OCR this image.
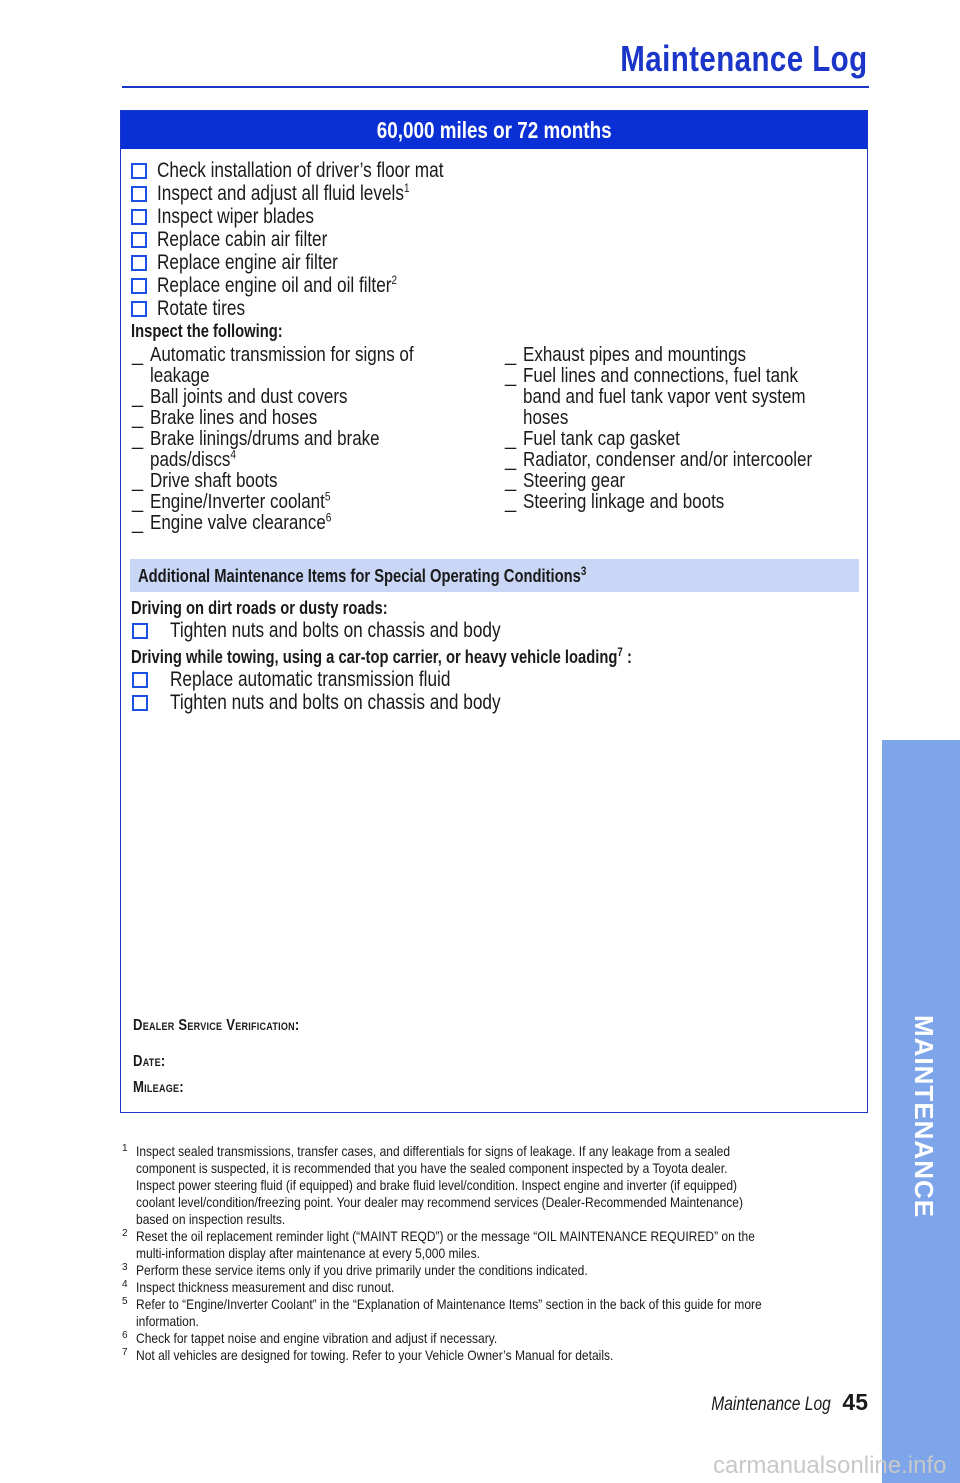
Maintenance Log
60,000 miles or 72 months
Check installation of driver’s floor mat
Inspect and adjust all fluid levels$^1$
Inspect wiper blades
Replace cabin air filter
Replace engine air filter
Replace engine oil and oil filter$^2$
Rotate tires
Inspect the following:
_ Automatic transmission for signs of leakage
_ Ball joints and dust covers
_ Brake lines and hoses
_ Brake linings/drums and brake pads/discs$^4$
_ Drive shaft boots
_ Engine/Inverter coolant$^5$
_ Engine valve clearance$^6$
_ Exhaust pipes and mountings
_ Fuel lines and connections, fuel tank band and fuel tank vapor vent system hoses
_ Fuel tank cap gasket
_ Radiator, condenser and/or intercooler
_ Steering gear
_ Steering linkage and boots
Additional Maintenance Items for Special Operating Conditions$^3$
Driving on dirt roads or dusty roads:
Tighten nuts and bolts on chassis and body
Driving while towing, using a car-top carrier, or heavy vehicle loading$^7$ :
Replace automatic transmission fluid
Tighten nuts and bolts on chassis and body
Dealer Service Verification:
Date:
Mileage:
1 Inspect sealed transmissions, transfer cases, and differentials for signs of leakage. If any leakage from a sealed component is suspected, it is recommended that you have the sealed component inspected by a Toyota dealer. Inspect power steering fluid (if equipped) and brake fluid level/condition. Inspect engine and inverter (if equipped) coolant level/condition/freezing point. Your dealer may recommend services (Dealer-Recommended Maintenance) based on inspection results.
2 Reset the oil replacement reminder light (“MAINT REQD”) or the message “OIL MAINTENANCE REQUIRED” on the multi-information display after maintenance at every 5,000 miles.
3 Perform these service items only if you drive primarily under the conditions indicated.
4 Inspect thickness measurement and disc runout.
5 Refer to “Engine/Inverter Coolant” in the “Explanation of Maintenance Items” section in the back of this guide for more information.
6 Check for tappet noise and engine vibration and adjust if necessary.
7 Not all vehicles are designed for towing. Refer to your Vehicle Owner’s Manual for details.
Maintenance Log 45
MAINTENANCE
carmanualsonline.info
